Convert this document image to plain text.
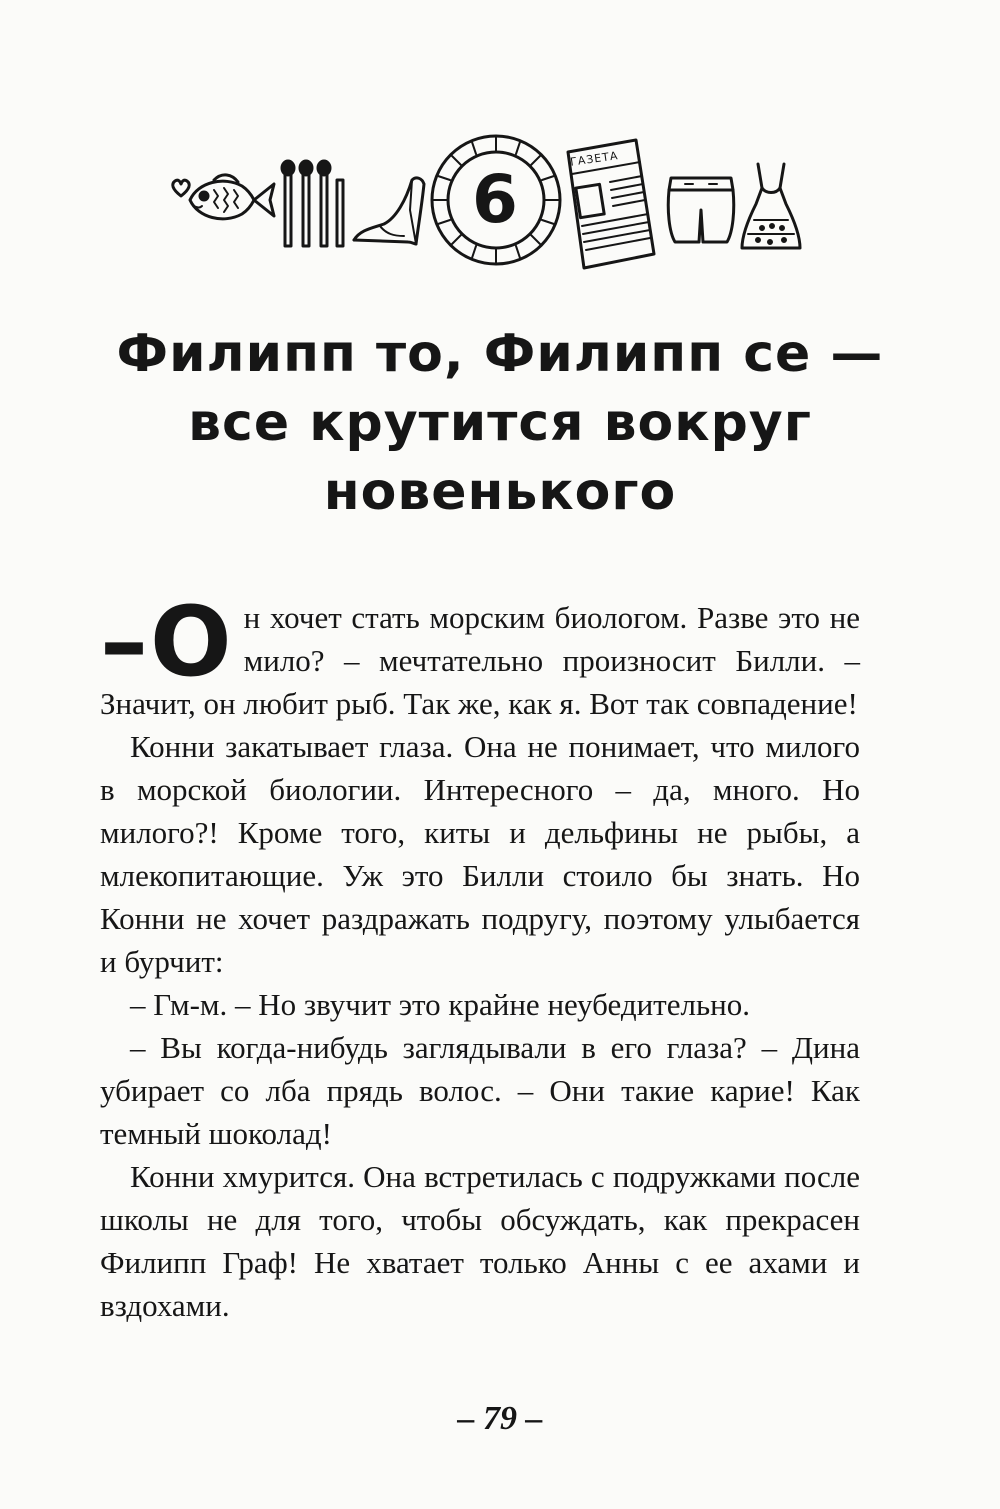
6
ГАЗЕТА
Филипп то, Филипп се —
все крутится вокруг
новенького

–О н хочет стать морским биологом. Разве это не мило? – мечтательно произносит Билли. – Значит, он любит рыб. Так же, как я. Вот так совпадение!

Конни закатывает глаза. Она не понимает, что милого в морской биологии. Интересного – да, много. Но милого?! Кроме того, киты и дельфины не рыбы, а млекопитающие. Уж это Билли стоило бы знать. Но Конни не хочет раздражать подругу, поэтому улыбается и бурчит:

– Гм-м. – Но звучит это крайне неубедительно.

– Вы когда-нибудь заглядывали в его глаза? – Дина убирает со лба прядь волос. – Они такие карие! Как темный шоколад!

Конни хмурится. Она встретилась с подружками после школы не для того, чтобы обсуждать, как прекрасен Филипп Граф! Не хватает только Анны с ее ахами и вздохами.

– 79 –
